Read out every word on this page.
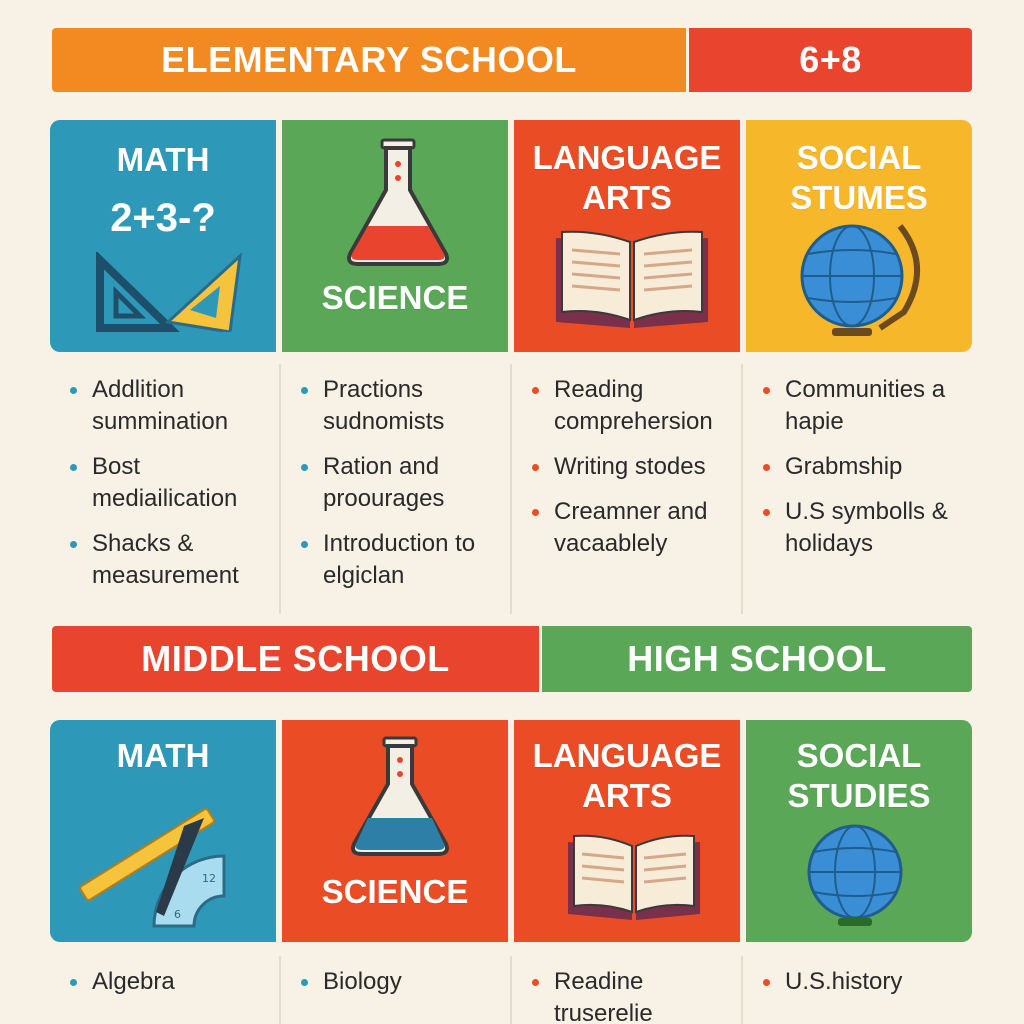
ELEMENTARY SCHOOL	6+8
MATH
2+3-?
SCIENCE
LANGUAGE ARTS
SOCIAL STUMES
Addlition summination
Bost mediailication
Shacks & measurement
Practions sudnomists
Ration and proourages
Introduction to elgiclan
Reading comprehersion
Writing stodes
Creamner and vacaablely
Communities a hapie
Grabmship
U.S symbolls & holidays
MIDDLE SCHOOL	HIGH SCHOOL
MATH
12
6
SCIENCE
LANGUAGE ARTS
SOCIAL STUDIES
Algebra	Biology	Readine truserelie
U.S.history
